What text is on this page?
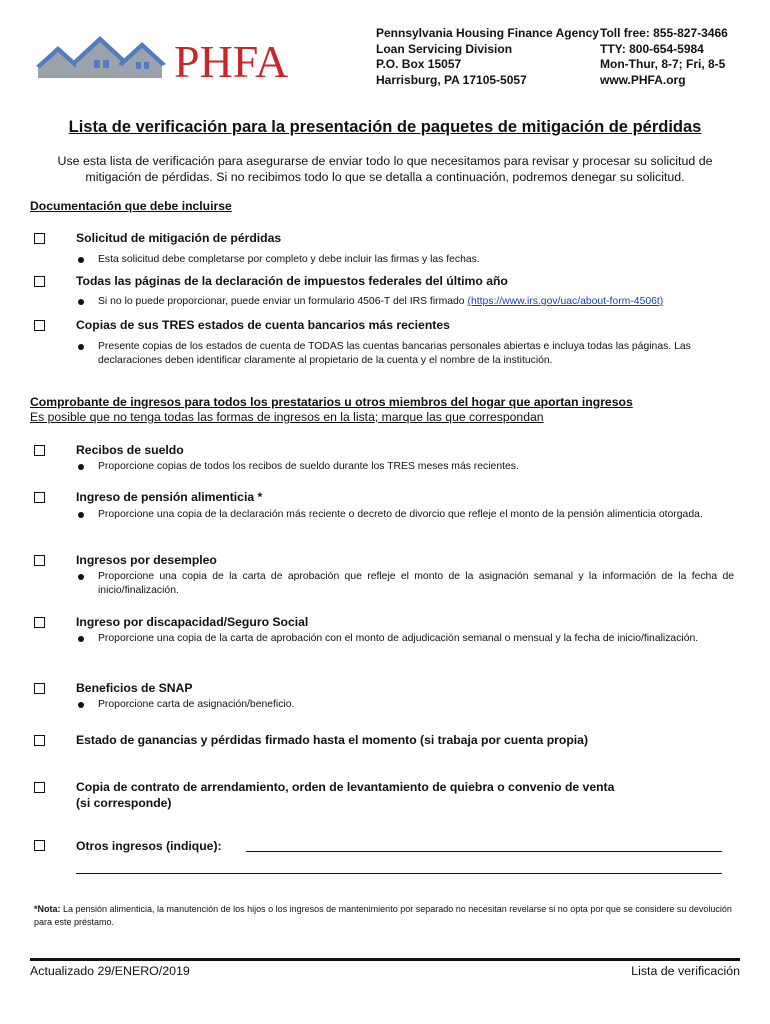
PHFA
Pennsylvania Housing Finance Agency
Loan Servicing Division
P.O. Box 15057
Harrisburg, PA 17105-5057
Toll free: 855-827-3466
TTY: 800-654-5984
Mon-Thur, 8-7; Fri, 8-5
www.PHFA.org
Lista de verificación para la presentación de paquetes de mitigación de pérdidas
Use esta lista de verificación para asegurarse de enviar todo lo que necesitamos para revisar y procesar su solicitud de mitigación de pérdidas. Si no recibimos todo lo que se detalla a continuación, podremos denegar su solicitud.
Documentación que debe incluirse
Solicitud de mitigación de pérdidas
Esta solicitud debe completarse por completo y debe incluir las firmas y las fechas.
Todas las páginas de la declaración de impuestos federales del último año
Si no lo puede proporcionar, puede enviar un formulario 4506-T del IRS firmado (https://www.irs.gov/uac/about-form-4506t)
Copias de sus TRES estados de cuenta bancarios más recientes
Presente copias de los estados de cuenta de TODAS las cuentas bancarias personales abiertas e incluya todas las páginas. Las declaraciones deben identificar claramente al propietario de la cuenta y el nombre de la institución.
Comprobante de ingresos para todos los prestatarios u otros miembros del hogar que aportan ingresos
Es posible que no tenga todas las formas de ingresos en la lista; marque las que correspondan
Recibos de sueldo
Proporcione copias de todos los recibos de sueldo durante los TRES meses más recientes.
Ingreso de pensión alimenticia *
Proporcione una copia de la declaración más reciente o decreto de divorcio que refleje el monto de la pensión alimenticia otorgada.
Ingresos por desempleo
Proporcione una copia de la carta de aprobación que refleje el monto de la asignación semanal y la información de la fecha de inicio/finalización.
Ingreso por discapacidad/Seguro Social
Proporcione una copia de la carta de aprobación con el monto de adjudicación semanal o mensual y la fecha de inicio/finalización.
Beneficios de SNAP
Proporcione carta de asignación/beneficio.
Estado de ganancias y pérdidas firmado hasta el momento (si trabaja por cuenta propia)
Copia de contrato de arrendamiento, orden de levantamiento de quiebra o convenio de venta
(si corresponde)
Otros ingresos (indique):
*Nota: La pensión alimenticia, la manutención de los hijos o los ingresos de mantenimiento por separado no necesitan revelarse si no opta por que se considere su devolución para este préstamo.
Actualizado 29/ENERO/2019	Lista de verificación
